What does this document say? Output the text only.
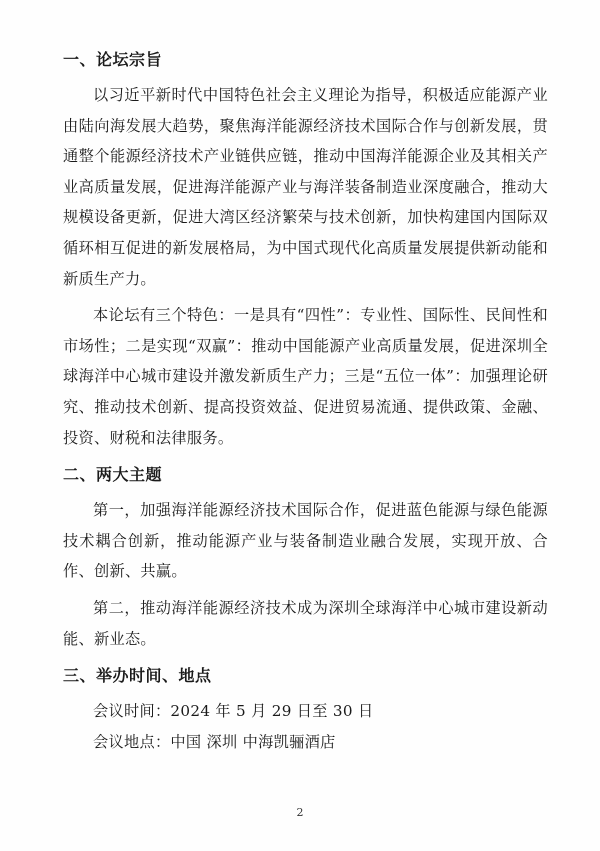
一、论坛宗旨

以习近平新时代中国特色社会主义理论为指导，积极适应能源产业由陆向海发展大趋势，聚焦海洋能源经济技术国际合作与创新发展，贯通整个能源经济技术产业链供应链，推动中国海洋能源企业及其相关产业高质量发展，促进海洋能源产业与海洋装备制造业深度融合，推动大规模设备更新，促进大湾区经济繁荣与技术创新，加快构建国内国际双循环相互促进的新发展格局，为中国式现代化高质量发展提供新动能和新质生产力。

本论坛有三个特色：一是具有“四性”：专业性、国际性、民间性和市场性；二是实现“双赢”：推动中国能源产业高质量发展，促进深圳全球海洋中心城市建设并激发新质生产力；三是“五位一体”：加强理论研究、推动技术创新、提高投资效益、促进贸易流通、提供政策、金融、投资、财税和法律服务。

二、两大主题

第一，加强海洋能源经济技术国际合作，促进蓝色能源与绿色能源技术耦合创新，推动能源产业与装备制造业融合发展，实现开放、合作、创新、共赢。

第二，推动海洋能源经济技术成为深圳全球海洋中心城市建设新动能、新业态。

三、举办时间、地点

会议时间：2024 年 5 月 29 日至 30 日

会议地点：中国 深圳 中海凯骊酒店

2
